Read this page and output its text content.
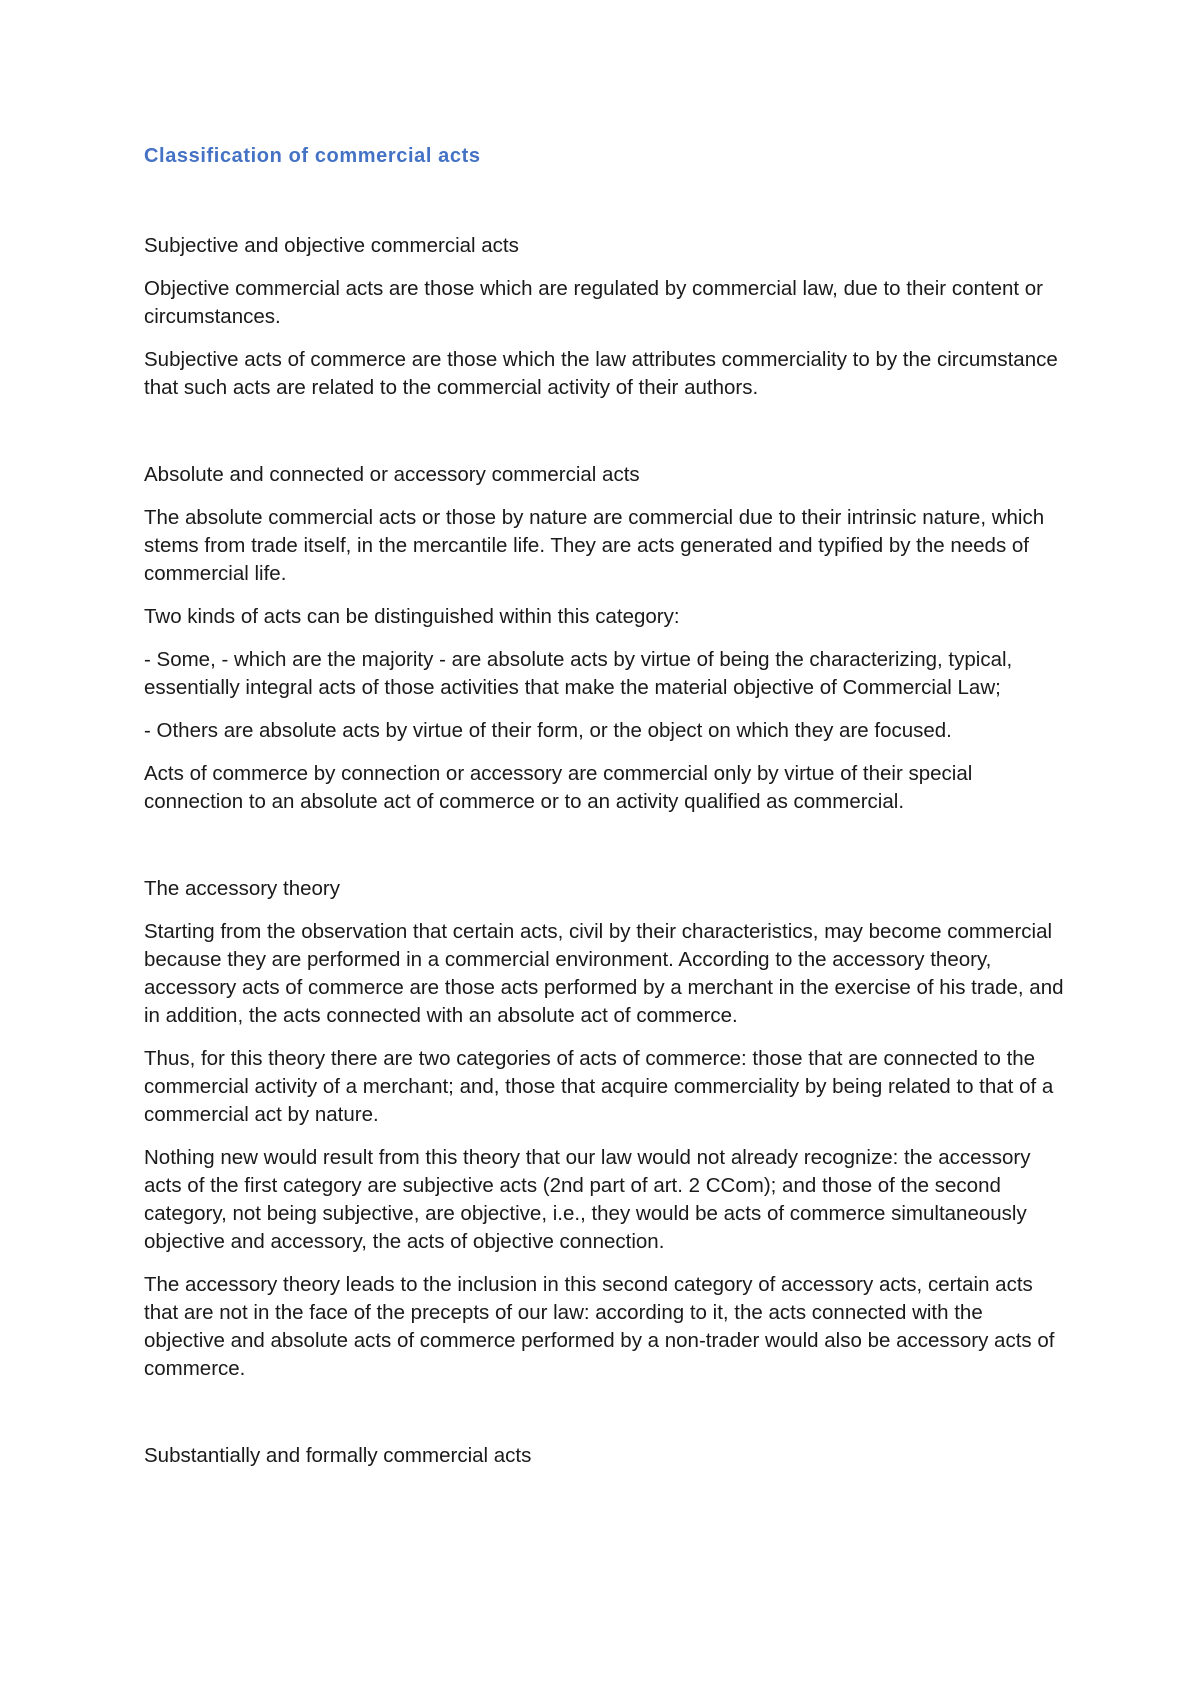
Classification of commercial acts
Subjective and objective commercial acts
Objective commercial acts are those which are regulated by commercial law, due to their content or circumstances.
Subjective acts of commerce are those which the law attributes commerciality to by the circumstance that such acts are related to the commercial activity of their authors.
Absolute and connected or accessory commercial acts
The absolute commercial acts or those by nature are commercial due to their intrinsic nature, which stems from trade itself, in the mercantile life. They are acts generated and typified by the needs of commercial life.
Two kinds of acts can be distinguished within this category:
- Some, - which are the majority - are absolute acts by virtue of being the characterizing, typical, essentially integral acts of those activities that make the material objective of Commercial Law;
- Others are absolute acts by virtue of their form, or the object on which they are focused.
Acts of commerce by connection or accessory are commercial only by virtue of their special connection to an absolute act of commerce or to an activity qualified as commercial.
The accessory theory
Starting from the observation that certain acts, civil by their characteristics, may become commercial because they are performed in a commercial environment. According to the accessory theory, accessory acts of commerce are those acts performed by a merchant in the exercise of his trade, and in addition, the acts connected with an absolute act of commerce.
Thus, for this theory there are two categories of acts of commerce: those that are connected to the commercial activity of a merchant; and, those that acquire commerciality by being related to that of a commercial act by nature.
Nothing new would result from this theory that our law would not already recognize: the accessory acts of the first category are subjective acts (2nd part of art. 2 CCom); and those of the second category, not being subjective, are objective, i.e., they would be acts of commerce simultaneously objective and accessory, the acts of objective connection.
The accessory theory leads to the inclusion in this second category of accessory acts, certain acts that are not in the face of the precepts of our law: according to it, the acts connected with the objective and absolute acts of commerce performed by a non-trader would also be accessory acts of commerce.
Substantially and formally commercial acts
